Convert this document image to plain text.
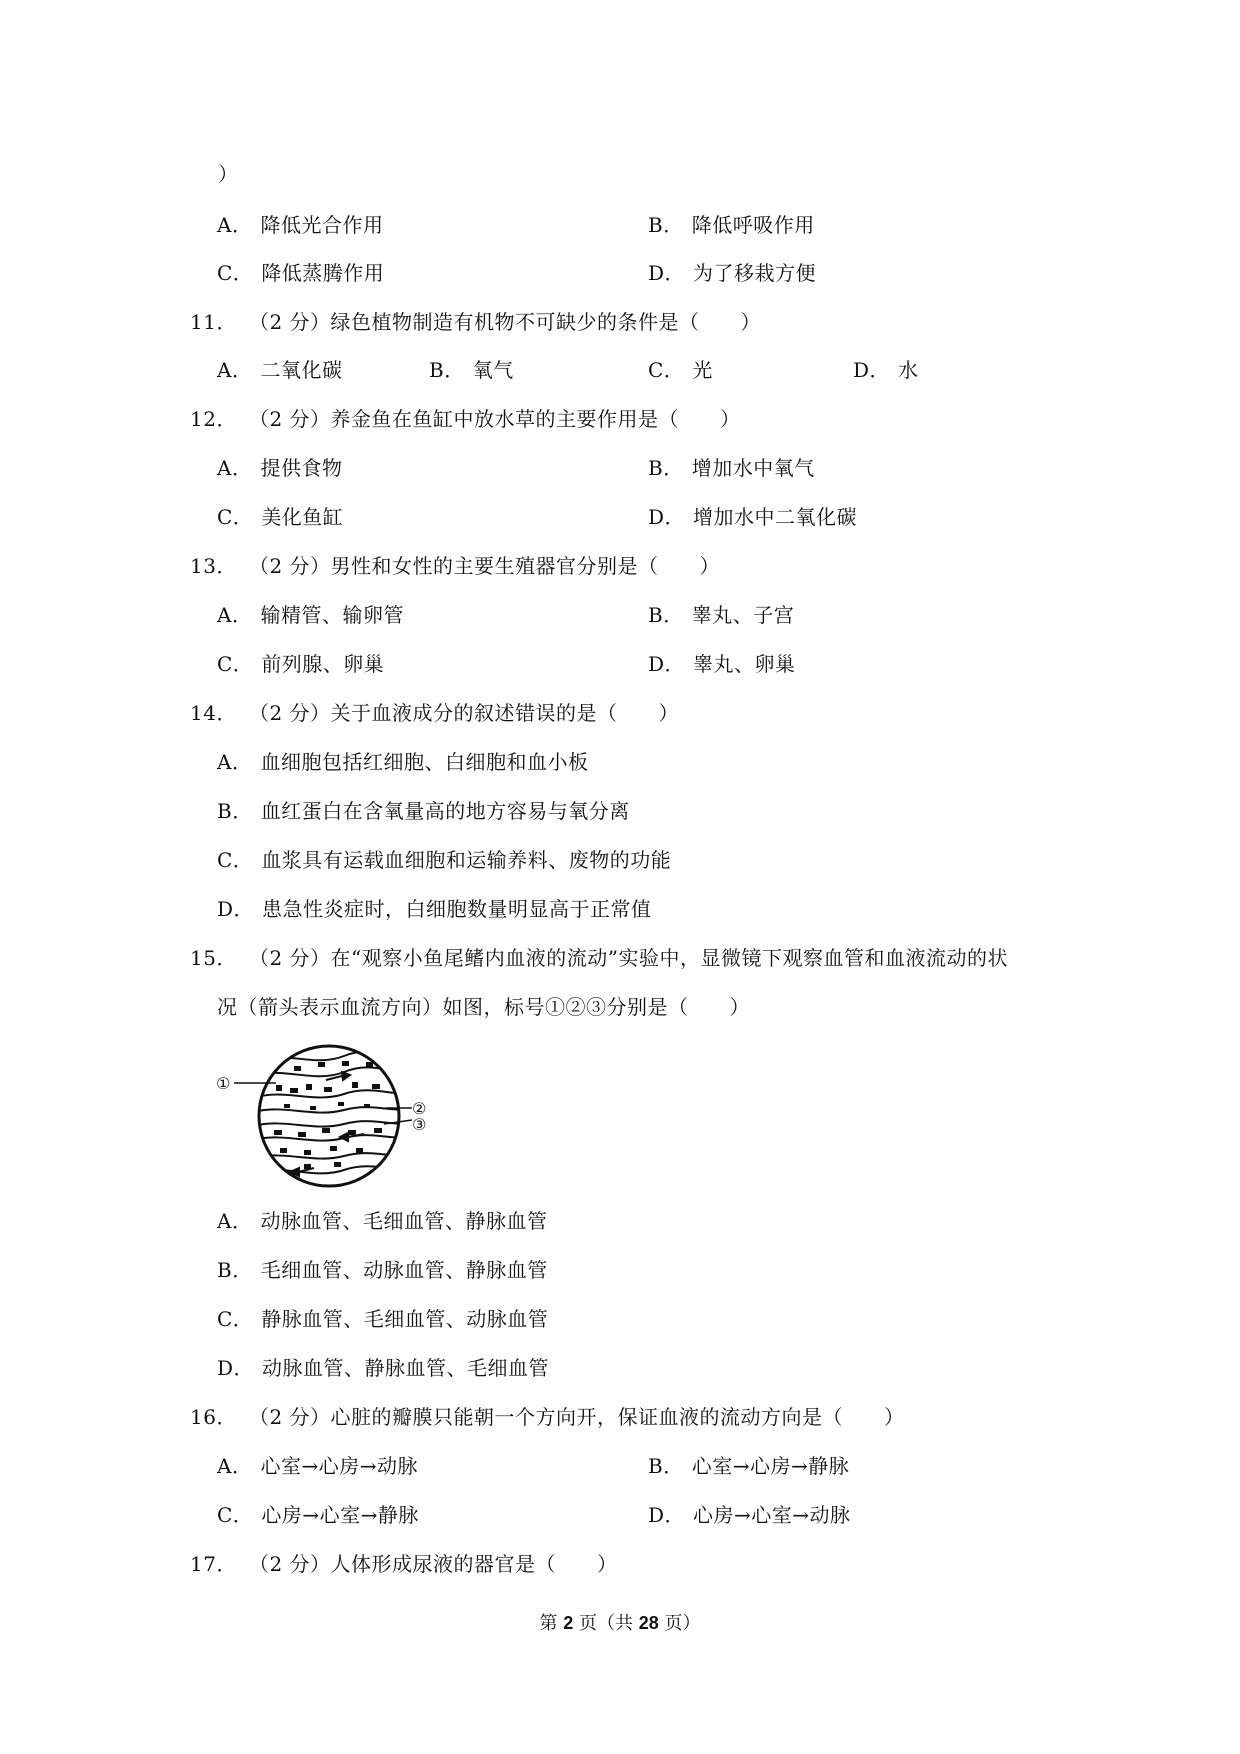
）
A． 降低光合作用	B． 降低呼吸作用
C． 降低蒸腾作用	D． 为了移栽方便
11． （2 分）绿色植物制造有机物不可缺少的条件是（　　）
A． 二氧化碳	B． 氧气	C． 光	D． 水
12． （2 分）养金鱼在鱼缸中放水草的主要作用是（　　）
A． 提供食物	B． 增加水中氧气
C． 美化鱼缸	D． 增加水中二氧化碳
13． （2 分）男性和女性的主要生殖器官分别是（　　）
A． 输精管、输卵管	B． 睾丸、子宫
C． 前列腺、卵巢	D． 睾丸、卵巢
14． （2 分）关于血液成分的叙述错误的是（　　）
A． 血细胞包括红细胞、白细胞和血小板
B． 血红蛋白在含氧量高的地方容易与氧分离
C． 血浆具有运载血细胞和运输养料、废物的功能
D． 患急性炎症时，白细胞数量明显高于正常值
15． （2 分）在“观察小鱼尾鳍内血液的流动”实验中，显微镜下观察血管和血液流动的状
况（箭头表示血流方向）如图，标号①②③分别是（　　）
①
②
③
A． 动脉血管、毛细血管、静脉血管
B． 毛细血管、动脉血管、静脉血管
C． 静脉血管、毛细血管、动脉血管
D． 动脉血管、静脉血管、毛细血管
16． （2 分）心脏的瓣膜只能朝一个方向开，保证血液的流动方向是（　　）
A． 心室→心房→动脉	B． 心室→心房→静脉
C． 心房→心室→静脉	D． 心房→心室→动脉
17． （2 分）人体形成尿液的器官是（　　）
第 2 页（共 28 页）
